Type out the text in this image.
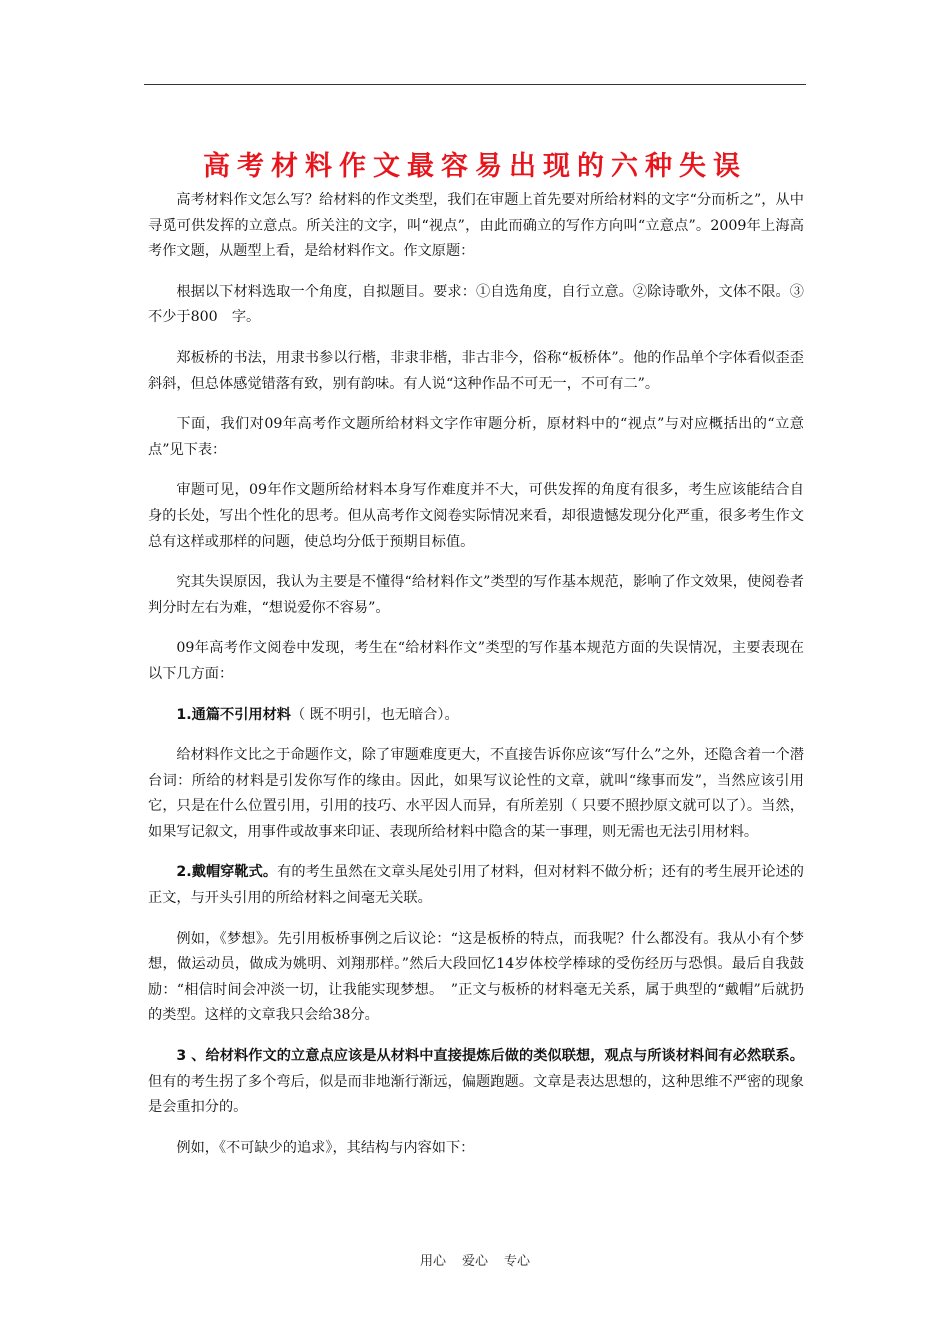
高考材料作文最容易出现的六种失误

高考材料作文怎么写？给材料的作文类型，我们在审题上首先要对所给材料的文字“分而析之”，从中寻觅可供发挥的立意点。所关注的文字，叫“视点”，由此而确立的写作方向叫“立意点”。2009年上海高考作文题，从题型上看，是给材料作文。作文原题：

根据以下材料选取一个角度，自拟题目。要求：①自选角度，自行立意。②除诗歌外，文体不限。③不少于800　字。

郑板桥的书法，用隶书参以行楷，非隶非楷，非古非今，俗称“板桥体”。他的作品单个字体看似歪歪斜斜，但总体感觉错落有致，别有韵味。有人说“这种作品不可无一，不可有二”。

下面，我们对09年高考作文题所给材料文字作审题分析，原材料中的“视点”与对应概括出的“立意点”见下表：

审题可见，09年作文题所给材料本身写作难度并不大，可供发挥的角度有很多，考生应该能结合自身的长处，写出个性化的思考。但从高考作文阅卷实际情况来看，却很遗憾发现分化严重，很多考生作文总有这样或那样的问题，使总均分低于预期目标值。

究其失误原因，我认为主要是不懂得“给材料作文”类型的写作基本规范，影响了作文效果，使阅卷者判分时左右为难，“想说爱你不容易”。

09年高考作文阅卷中发现，考生在“给材料作文”类型的写作基本规范方面的失误情况，主要表现在以下几方面：

1.通篇不引用材料（ 既不明引，也无暗合）。

给材料作文比之于命题作文，除了审题难度更大，不直接告诉你应该“写什么”之外，还隐含着一个潜台词：所给的材料是引发你写作的缘由。因此，如果写议论性的文章，就叫“缘事而发”，当然应该引用它，只是在什么位置引用，引用的技巧、水平因人而异，有所差别（ 只要不照抄原文就可以了）。当然，如果写记叙文，用事件或故事来印证、表现所给材料中隐含的某一事理，则无需也无法引用材料。

2.戴帽穿靴式。有的考生虽然在文章头尾处引用了材料，但对材料不做分析；还有的考生展开论述的正文，与开头引用的所给材料之间毫无关联。

例如，《梦想》。先引用板桥事例之后议论：“这是板桥的特点，而我呢？什么都没有。我从小有个梦想，做运动员，做成为姚明、刘翔那样。”然后大段回忆14岁体校学棒球的受伤经历与恐惧。最后自我鼓励：“相信时间会冲淡一切，让我能实现梦想。　”正文与板桥的材料毫无关系，属于典型的“戴帽”后就扔的类型。这样的文章我只会给38分。

3 、给材料作文的立意点应该是从材料中直接提炼后做的类似联想，观点与所谈材料间有必然联系。但有的考生拐了多个弯后，似是而非地渐行渐远，偏题跑题。文章是表达思想的，这种思维不严密的现象是会重扣分的。

例如，《不可缺少的追求》，其结构与内容如下：

用心 爱心 专心
